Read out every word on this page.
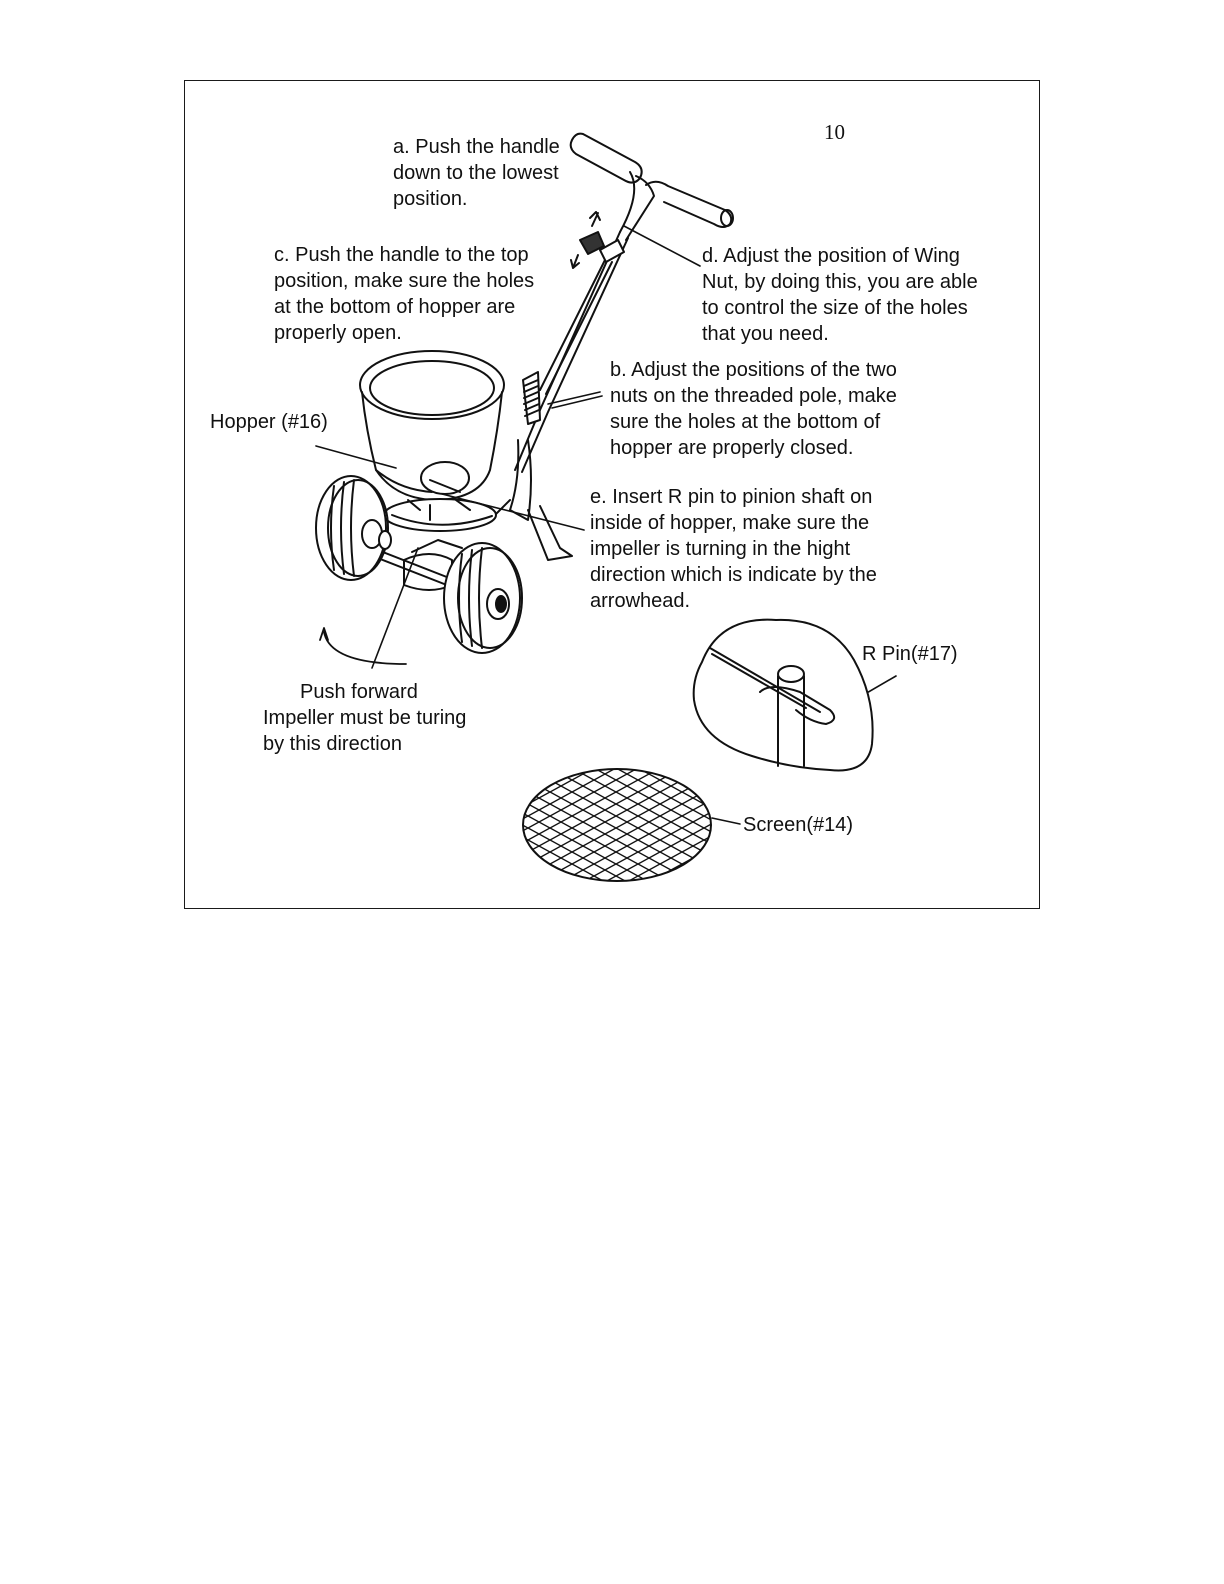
10
a. Push the handle
down to the lowest
position.
c. Push the handle to the top
position, make sure the holes
at the bottom of hopper are
properly open.
d. Adjust the position of Wing
Nut, by doing this, you are able
to control the size of the holes
that you need.
b. Adjust the positions of the two
nuts on the threaded pole, make
sure the holes at the bottom of
hopper are properly closed.
Hopper (#16)
e. Insert R pin to pinion shaft on
inside of hopper, make sure the
impeller is turning in the hight
direction which is indicate by the
arrowhead.
R Pin(#17)
Push forward
Impeller must be turing
by this direction
Screen(#14)
